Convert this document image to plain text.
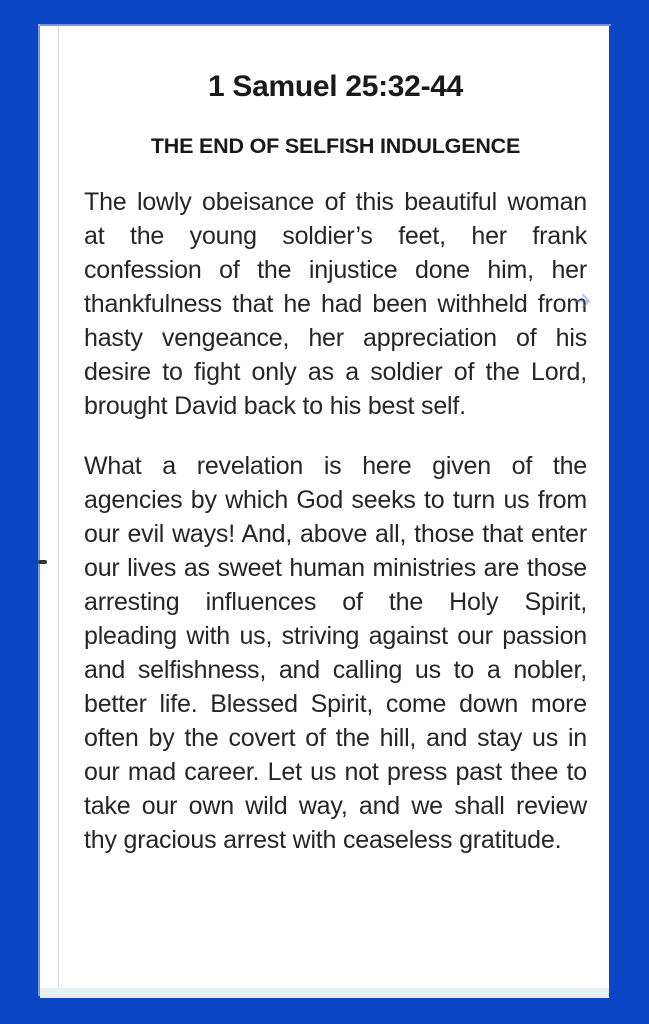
1 Samuel 25:32-44
THE END OF SELFISH INDULGENCE

The lowly obeisance of this beautiful woman at the young soldier’s feet, her frank confession of the injustice done him, her thankfulness that he had been withheld from hasty vengeance, her appreciation of his desire to fight only as a soldier of the Lord, brought David back to his best self.

What a revelation is here given of the agencies by which God seeks to turn us from our evil ways! And, above all, those that enter our lives as sweet human ministries are those arresting influences of the Holy Spirit, pleading with us, striving against our passion and selfishness, and calling us to a nobler, better life. Blessed Spirit, come down more often by the covert of the hill, and stay us in our mad career. Let us not press past thee to take our own wild way, and we shall review thy gracious arrest with ceaseless gratitude.
